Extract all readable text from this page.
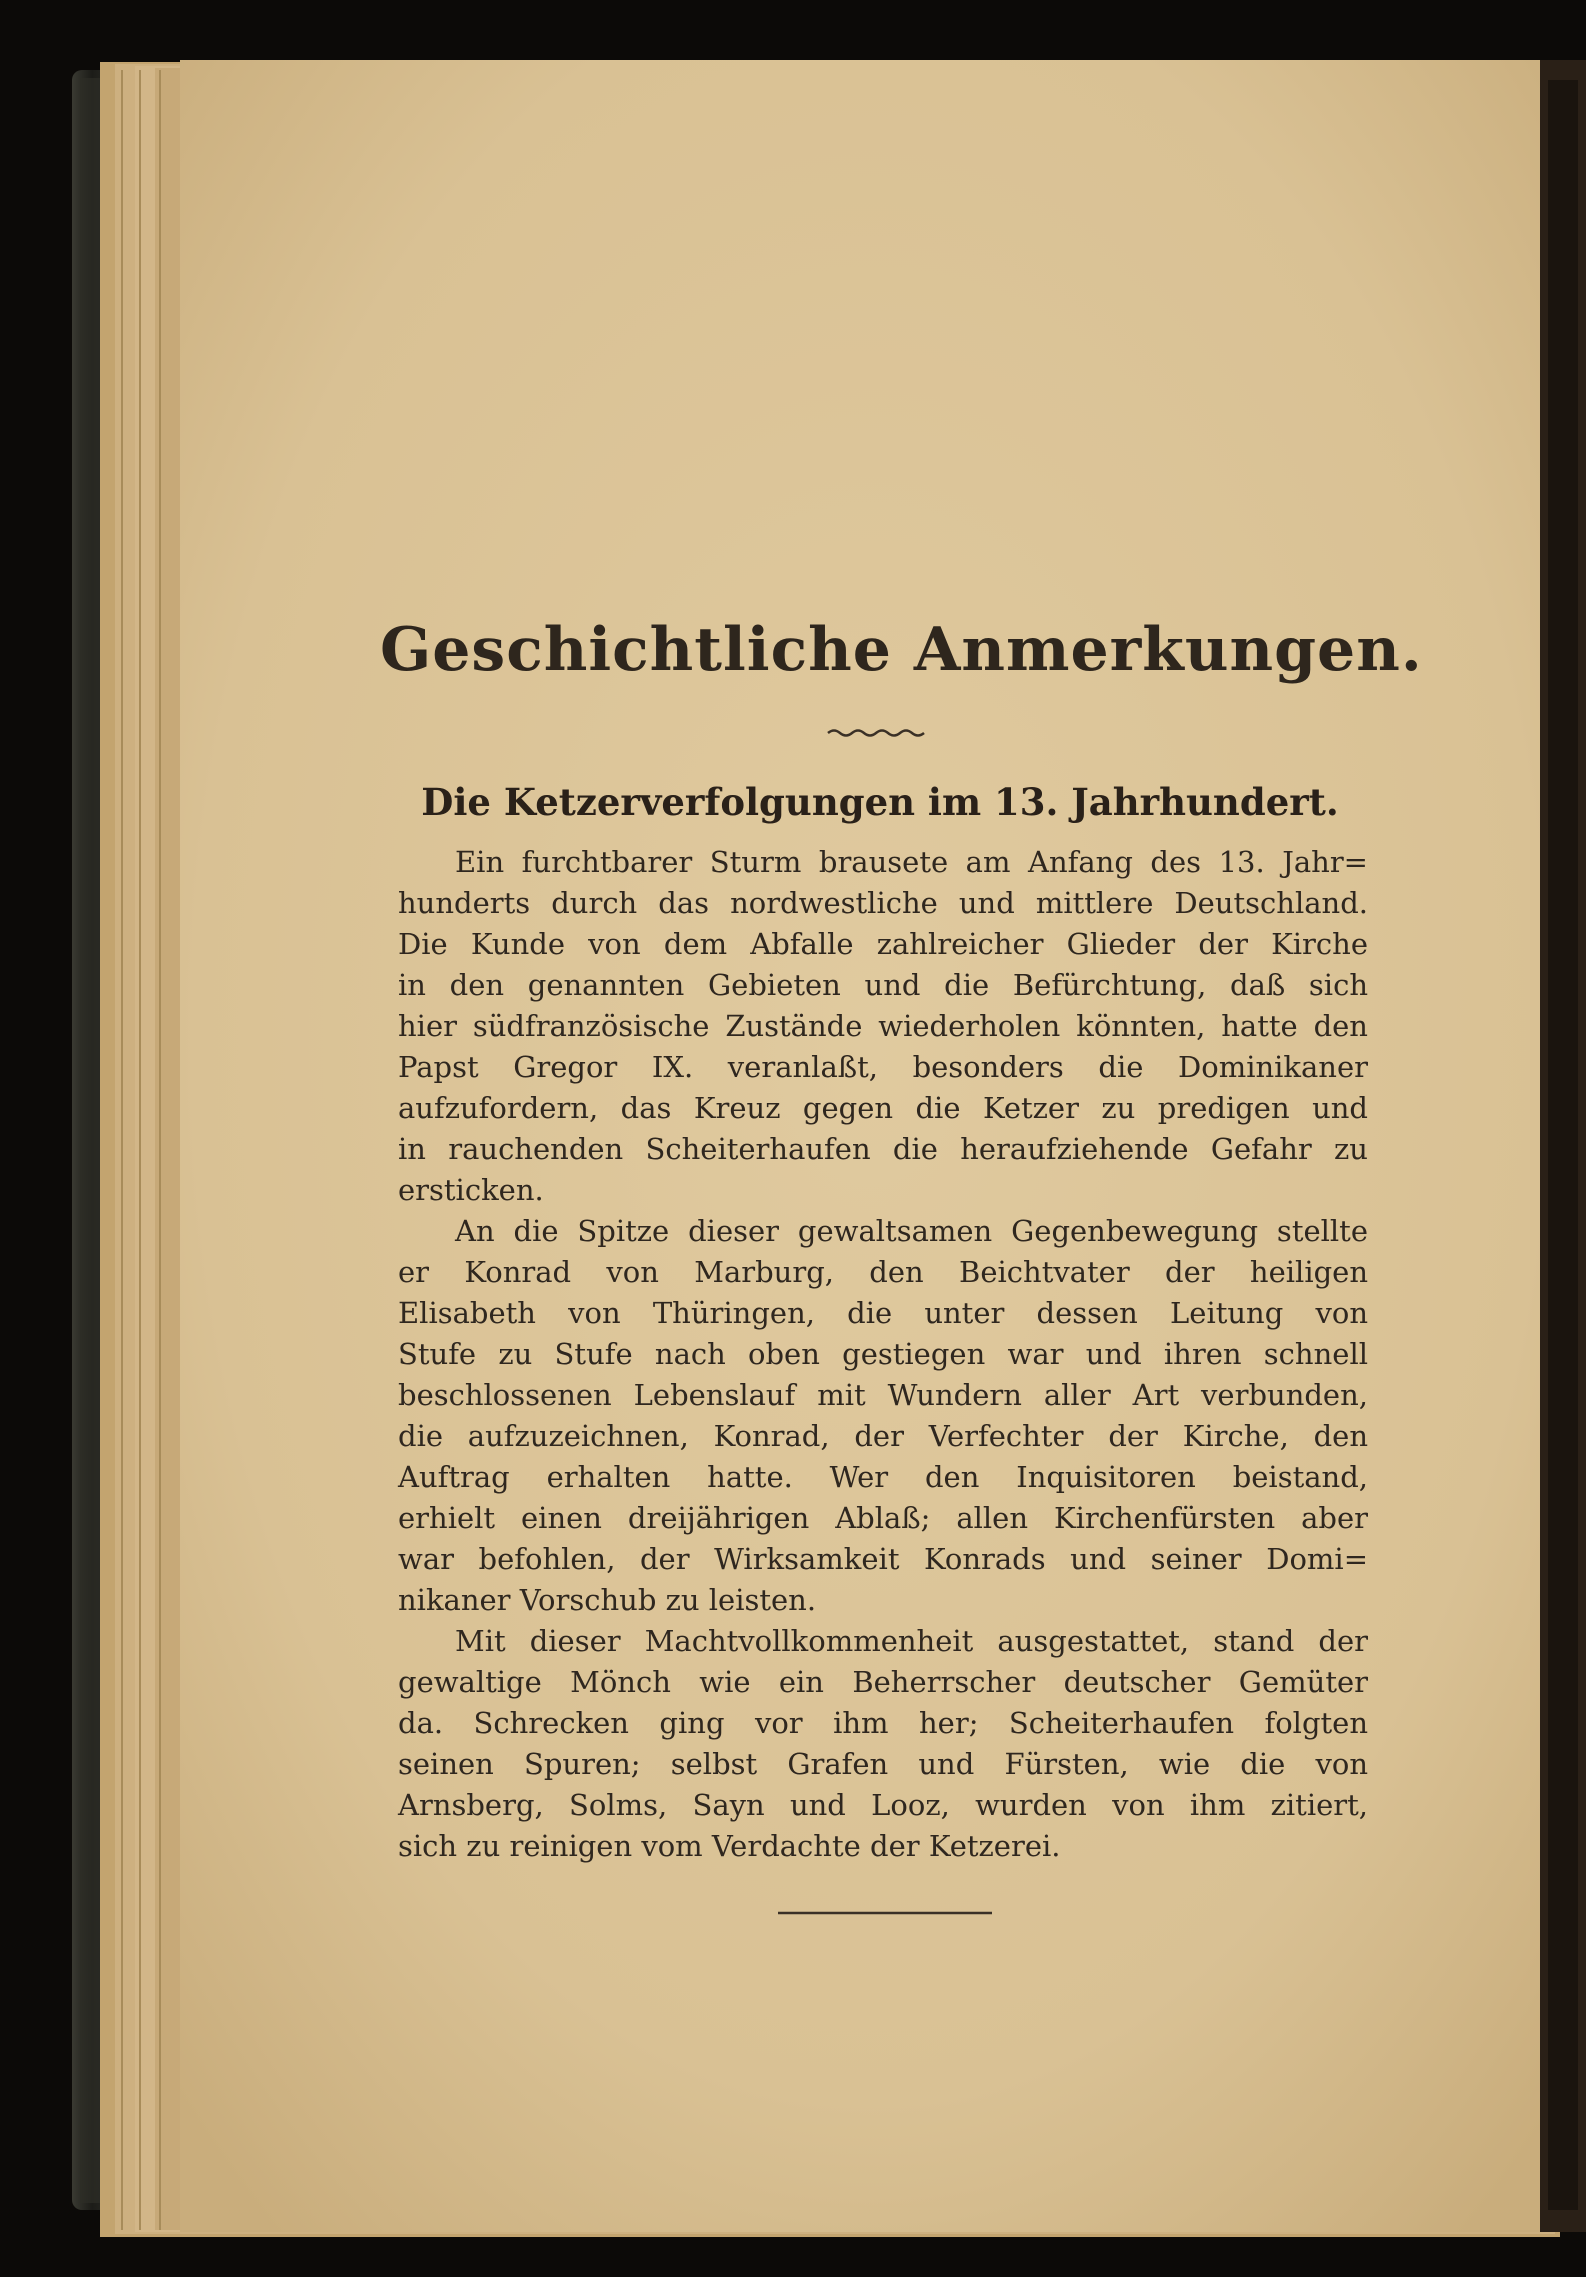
Geschichtliche Anmerkungen.
Die Ketzerverfolgungen im 13. Jahrhundert.
Ein furchtbarer Sturm brausete am Anfang des 13. Jahr=
hunderts durch das nordwestliche und mittlere Deutschland.
Die Kunde von dem Abfalle zahlreicher Glieder der Kirche
in den genannten Gebieten und die Befürchtung, daß sich
hier südfranzösische Zustände wiederholen könnten, hatte den
Papst Gregor IX. veranlaßt, besonders die Dominikaner
aufzufordern, das Kreuz gegen die Ketzer zu predigen und
in rauchenden Scheiterhaufen die heraufziehende Gefahr zu
ersticken.
An die Spitze dieser gewaltsamen Gegenbewegung stellte
er Konrad von Marburg, den Beichtvater der heiligen
Elisabeth von Thüringen, die unter dessen Leitung von
Stufe zu Stufe nach oben gestiegen war und ihren schnell
beschlossenen Lebenslauf mit Wundern aller Art verbunden,
die aufzuzeichnen, Konrad, der Verfechter der Kirche, den
Auftrag erhalten hatte. Wer den Inquisitoren beistand,
erhielt einen dreijährigen Ablaß; allen Kirchenfürsten aber
war befohlen, der Wirksamkeit Konrads und seiner Domi=
nikaner Vorschub zu leisten.
Mit dieser Machtvollkommenheit ausgestattet, stand der
gewaltige Mönch wie ein Beherrscher deutscher Gemüter
da. Schrecken ging vor ihm her; Scheiterhaufen folgten
seinen Spuren; selbst Grafen und Fürsten, wie die von
Arnsberg, Solms, Sayn und Looz, wurden von ihm zitiert,
sich zu reinigen vom Verdachte der Ketzerei.
